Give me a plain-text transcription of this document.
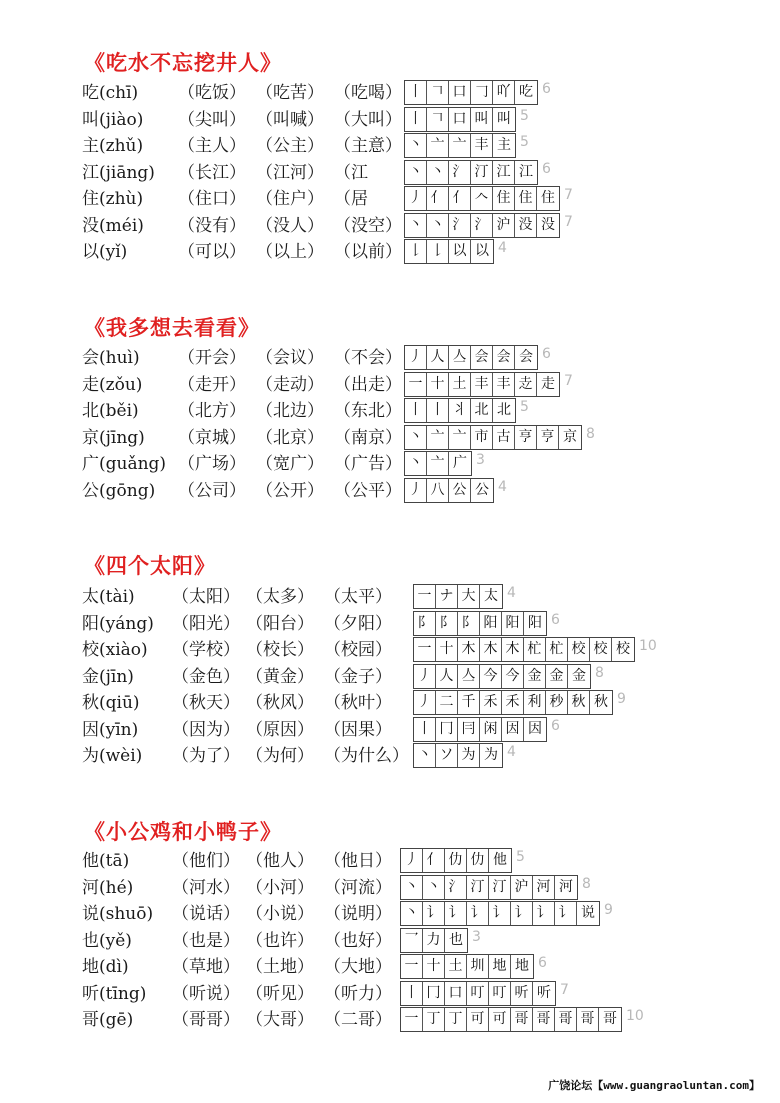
《吃水不忘挖井人》
吃(chī) （吃饭） （吃苦） （吃喝） 丨 𠃍 口 𠃌 吖 吃 6
叫(jiào) （尖叫） （叫喊） （大叫） 丨 𠃍 口 叫 叫 5
主(zhǔ) （主人） （公主） （主意） 丶 亠 亠 丰 主 5
江(jiāng) （长江） （江河） （江	丶 丶 氵 汀 江 江 6
住(zhù) （住口） （住户） （居	丿 亻 亻 𠆢 住 住 住 7
没(méi) （没有） （没人） （没空） 丶 丶 氵 氵 沪 没 没 7
以(yǐ)	（可以） （以上） （以前） 𠄌 𠄌 以 以 4
《我多想去看看》
会(huì) （开会） （会议） （不会） 丿 人 亼 会 会 会 6
走(zǒu) （走开） （走动） （出走） 一 十 土 丰 丰 赱 走 7
北(běi) （北方） （北边） （东北） 丨 丨 丬 北 北 5
京(jīng) （京城） （北京） （南京） 丶 亠 亠 市 古 亨 亨 京 8
广(guǎng) （广场） （宽广） （广告） 丶 亠 广 3
公(gōng) （公司） （公开） （公平） 丿 八 公 公 4
《四个太阳》
太(tài) （太阳） （太多） （太平） 一 ナ 大 太 4
阳(yáng) （阳光） （阳台） （夕阳） 阝 阝 阝 阳 阳 阳 6
校(xiào) （学校） （校长） （校园） 一 十 木 木 木 杧 杧 校 校 校 10
金(jīn) （金色） （黄金） （金子） 丿 人 亼 今 今 金 金 金 8
秋(qiū) （秋天） （秋风） （秋叶） 丿 二 千 禾 禾 利 秒 秋 秋 9
因(yīn) （因为） （原因） （因果） 丨 冂 冃 闲 因 因 6
为(wèi) （为了） （为何） （为什么） 丶 ソ 为 为 4
《小公鸡和小鸭子》
他(tā)	（他们） （他人） （他日） 丿 亻 仂 仂 他 5
河(hé) （河水） （小河） （河流） 丶 丶 氵 汀 汀 沪 河 河 8
说(shuō) （说话） （小说） （说明） 丶 讠 讠 讠 讠 讠 讠 讠 说 9
也(yě) （也是） （也许） （也好） 乛 力 也 3
地(dì)	（草地） （土地） （大地） 一 十 土 圳 地 地 6
听(tīng) （听说） （听见） （听力） 丨 冂 口 叮 叮 听 听 7
哥(gē) （哥哥） （大哥） （二哥） 一 丁 丁 可 可 哥 哥 哥 哥 哥 10
广饶论坛【www.guangraoluntan.com】
